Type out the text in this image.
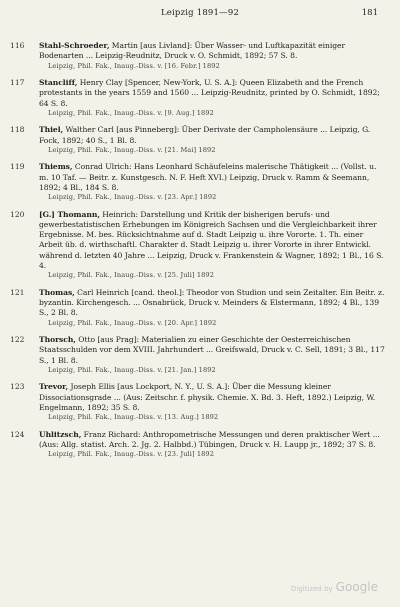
Leipzig 1891—92	181
116 Stahl-Schroeder, Martin [aus Livland]: Über Wasser- und Luftkapazität einiger Bodenarten ... Leipzig-Reudnitz, Druck v. O. Schmidt, 1892; 57 S. 8.
Leipzig, Phil. Fak., Inaug.-Diss. v. [16. Febr.] 1892
117 Stancliff, Henry Clay [Spencer, New-York, U. S. A.]: Queen Elizabeth and the French protestants in the years 1559 and 1560 ... Leipzig-Reudnitz, printed by O. Schmidt, 1892; 64 S. 8.
Leipzig, Phil. Fak., Inaug.-Diss. v. [9. Aug.] 1892
118 Thiel, Walther Carl [aus Pinneberg]: Über Derivate der Campholensäure ... Leipzig, G. Fock, 1892; 40 S., 1 Bl. 8.
Leipzig, Phil. Fak., Inaug.-Diss. v. [21. Mai] 1892
119 Thiems, Conrad Ulrich: Hans Leonhard Schäufeleins malerische Thätigkeit ... (Vollst. u. m. 10 Taf. — Beitr. z. Kunstgesch. N. F. Heft XVI.) Leipzig, Druck v. Ramm & Seemann, 1892; 4 Bl., 184 S. 8.
Leipzig, Phil. Fak., Inaug.-Diss. v. [23. Apr.] 1892
120 [G.] Thomann, Heinrich: Darstellung und Kritik der bisherigen berufs- und gewerbestatistischen Erhebungen im Königreich Sachsen und die Vergleichbarkeit ihrer Ergebnisse. M. bes. Rücksichtnahme auf d. Stadt Leipzig u. ihre Vororte. 1. Th. einer Arbeit üb. d. wirthschaftl. Charakter d. Stadt Leipzig u. ihrer Vororte in ihrer Entwickl. während d. letzten 40 Jahre ... Leipzig, Druck v. Frankenstein & Wagner, 1892; 1 Bl., 16 S. 4.
Leipzig, Phil. Fak., Inaug.-Diss. v. [25. Juli] 1892
121 Thomas, Carl Heinrich [cand. theol.]: Theodor von Studion und sein Zeitalter. Ein Beitr. z. byzantin. Kirchengesch. ... Osnabrück, Druck v. Meinders & Elstermann, 1892; 4 Bl., 139 S., 2 Bl. 8.
Leipzig, Phil. Fak., Inaug.-Diss. v. [20. Apr.] 1892
122 Thorsch, Otto [aus Prag]: Materialien zu einer Geschichte der Oesterreichischen Staatsschulden vor dem XVIII. Jahrhundert ... Greifswald, Druck v. C. Sell, 1891; 3 Bl., 117 S., 1 Bl. 8.
Leipzig, Phil. Fak., Inaug.-Diss. v. [21. Jan.] 1892
123 Trevor, Joseph Ellis [aus Lockport, N. Y., U. S. A.]: Über die Messung kleiner Dissociationsgrade ... (Aus: Zeitschr. f. physik. Chemie. X. Bd. 3. Heft, 1892.) Leipzig, W. Engelmann, 1892; 35 S. 8.
Leipzig, Phil. Fak., Inaug.-Diss. v. [13. Aug.] 1892
124 Uhlitzsch, Franz Richard: Anthropometrische Messungen und deren praktischer Wert ... (Aus: Allg. statist. Arch. 2. Jg. 2. Halbbd.) Tübingen, Druck v. H. Laupp jr., 1892; 37 S. 8.
Leipzig, Phil. Fak., Inaug.-Diss. v. [23. Juli] 1892
Digitized by Google
